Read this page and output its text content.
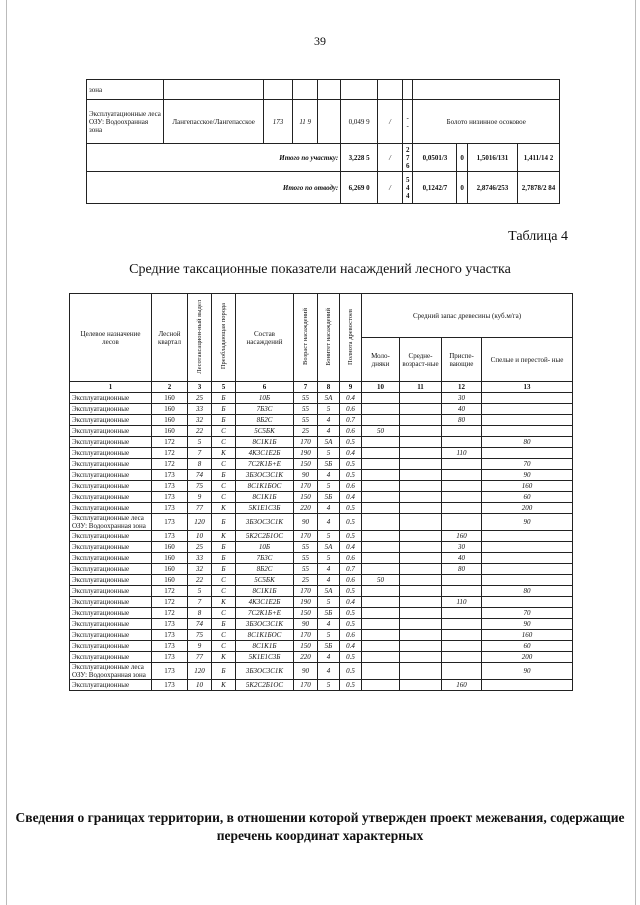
39
зона											
Эксплуатационные леса ОЗУ: Водоохранная зона	Лангепасское/Лангепасское	173	11 9		0,049 9	/	- -	Болото низинное осоковое			
Итого по участку:					3,228 5	/	2 7 6	0,0501/3	0	1,5016/131	1,411/14 2
Итого по отводу:					6,269 0	/	5 4 4	0,1242/7	0	2,8746/253	2,7878/2 84
Таблица 4
Средние таксационные показатели насаждений лесного участка
Целевое назначение лесов	Лесной квартал	Лесотаксацион-ный выдел	Преобладающая порода	Состав насаждений	Возраст насаждений	Бонитет насаждений	Полнота древостоев	Средний запас древесины (куб.м/га)			
								Моло-дняки	Средне-возраст-ные	Приспе-вающие	Спелые и перестой- ные
1	2	3	5	6	7	8	9	10	11	12	13
Эксплуатационные	160	25	Б	10Б	55	5А	0.4			30	
Эксплуатационные	160	33	Б	7Б3С	55	5	0.6			40	
Эксплуатационные	160	32	Б	8Б2С	55	4	0.7			80	
Эксплуатационные	160	22	С	5С5БК	25	4	0.6	50			
Эксплуатационные	172	5	С	8С1К1Б	170	5А	0.5				80
Эксплуатационные	172	7	К	4К3С1Е2Б	190	5	0.4			110	
Эксплуатационные	172	8	С	7С2К1Б+Е	150	5Б	0.5				70
Эксплуатационные	173	74	Б	3Б3ОС3С1К	90	4	0.5				90
Эксплуатационные	173	75	С	8С1К1БОС	170	5	0.6				160
Эксплуатационные	173	9	С	8С1К1Б	150	5Б	0.4				60
Эксплуатационные	173	77	К	5К1Е1С3Б	220	4	0.5				200
Эксплуатационные леса ОЗУ: Водоохранная зона	173	120	Б	3Б3ОС3С1К	90	4	0.5				90
Эксплуатационные	173	10	К	5К2С2Б1ОС	170	5	0.5			160	
Эксплуатационные	160	25	Б	10Б	55	5А	0.4			30	
Эксплуатационные	160	33	Б	7Б3С	55	5	0.6			40	
Эксплуатационные	160	32	Б	8Б2С	55	4	0.7			80	
Эксплуатационные	160	22	С	5С5БК	25	4	0.6	50			
Эксплуатационные	172	5	С	8С1К1Б	170	5А	0.5				80
Эксплуатационные	172	7	К	4К3С1Е2Б	190	5	0.4			110	
Эксплуатационные	172	8	С	7С2К1Б+Е	150	5Б	0.5				70
Эксплуатационные	173	74	Б	3Б3ОС3С1К	90	4	0.5				90
Эксплуатационные	173	75	С	8С1К1БОС	170	5	0.6				160
Эксплуатационные	173	9	С	8С1К1Б	150	5Б	0.4				60
Эксплуатационные	173	77	К	5К1Е1С3Б	220	4	0.5				200
Эксплуатационные леса ОЗУ: Водоохранная зона	173	120	Б	3Б3ОС3С1К	90	4	0.5				90
Эксплуатационные	173	10	К	5К2С2Б1ОС	170	5	0.5			160	
Сведения о границах территории, в отношении которой утвержден проект межевания, содержащие перечень координат характерных
